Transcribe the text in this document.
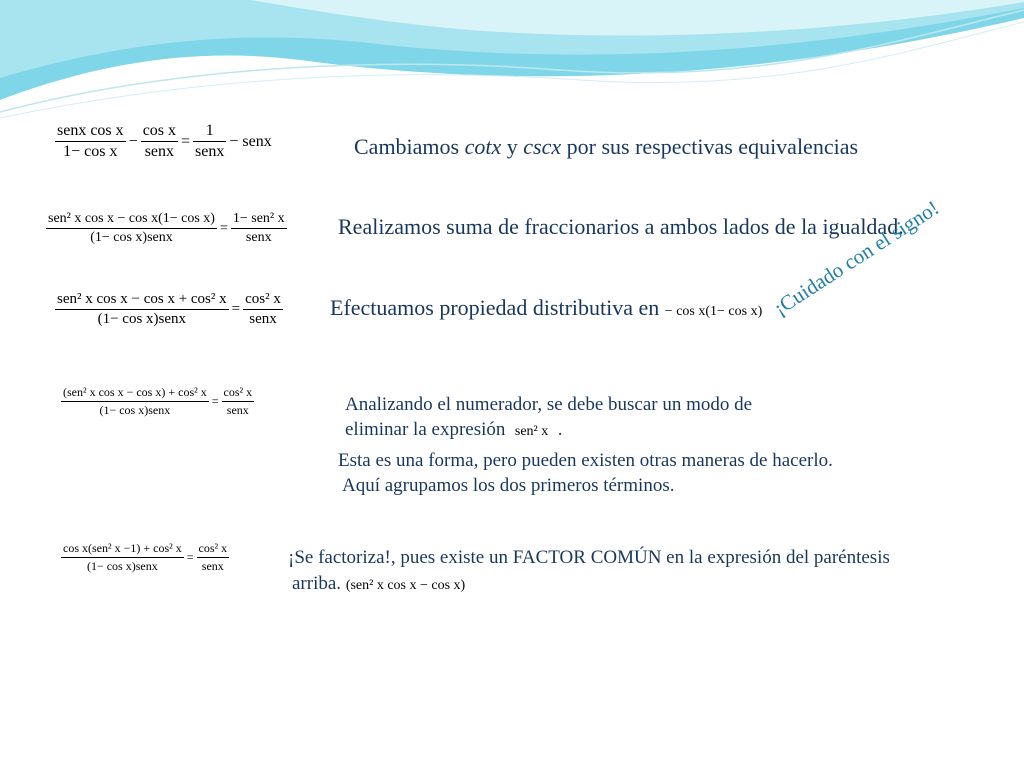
$\frac{\text{senx cos x}}{\text{1− cos x}} - \frac{\text{cos x}}{\text{senx}} = \frac{1}{\text{senx}}$ − senx	Cambiamos cotx y cscx por sus respectivas equivalencias
$\frac{\text{sen² x cos x − cos x(1− cos x)}}{\text{(1− cos x)senx}} = \frac{\text{1− sen² x}}{\text{senx}}$ Realizamos suma de fraccionarios a ambos lados de la igualdad.
$\frac{\text{sen² x cos x − cos x + cos² x}}{\text{(1− cos x)senx}} = \frac{\text{cos² x}}{\text{senx}}$ Efectuamos propiedad distributiva en − cos x(1− cos x) ¡Cuidado con el signo!
$\frac{\text{(sen² x cos x − cos x) + cos² x}}{\text{(1− cos x)senx}} = \frac{\text{cos² x}}{\text{senx}}$	Analizando el numerador, se debe buscar un modo de
eliminar la expresión sen² x .
Esta es una forma, pero pueden existen otras maneras de hacerlo.
Aquí agrupamos los dos primeros términos.
$\frac{\text{cos x(sen² x −1) + cos² x}}{\text{(1− cos x)senx}} = \frac{\text{cos² x}}{\text{senx}}$	¡Se factoriza!, pues existe un FACTOR COMÚN en la expresión del paréntesis
arriba. (sen² x cos x − cos x)
